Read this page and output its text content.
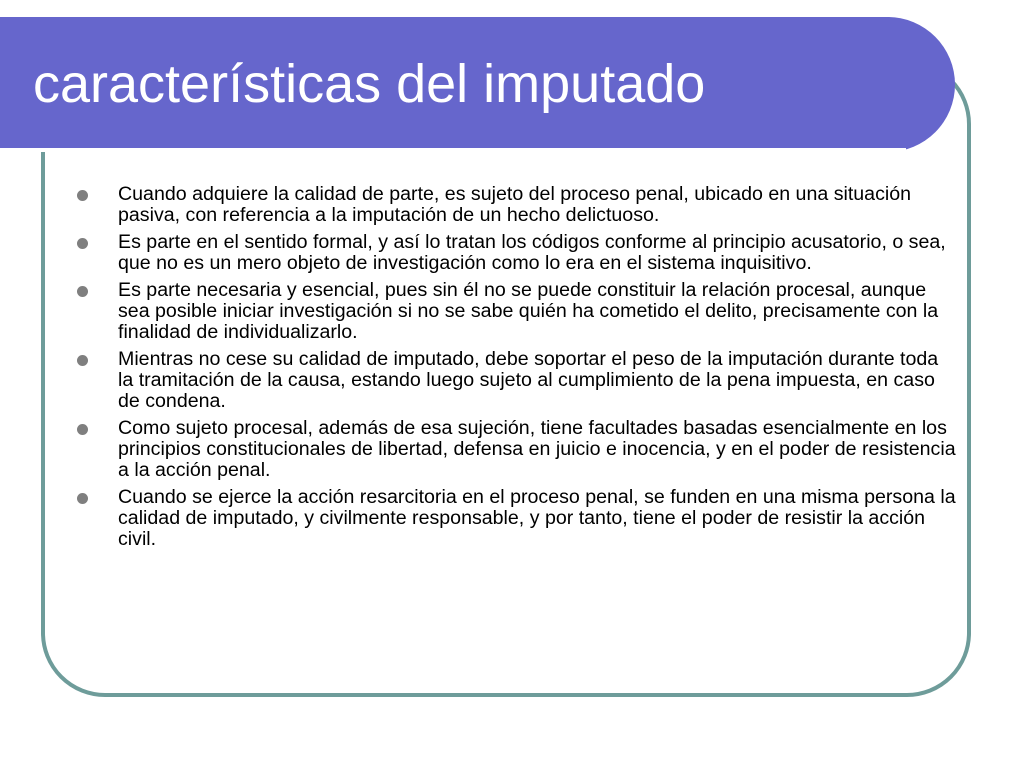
características del imputado
Cuando adquiere la calidad de parte, es sujeto del proceso penal, ubicado en una situación pasiva, con referencia a la imputación de un hecho delictuoso.
Es parte en el sentido formal, y así lo tratan los códigos conforme al principio acusatorio, o sea, que no es un mero objeto de investigación como lo era en el sistema inquisitivo.
Es parte necesaria y esencial, pues sin él no se puede constituir la relación procesal, aunque sea posible iniciar investigación si no se sabe quién ha cometido el delito, precisamente con la finalidad de individualizarlo.
Mientras no cese su calidad de imputado, debe soportar el peso de la imputación durante toda la tramitación de la causa, estando luego sujeto al cumplimiento de la pena impuesta, en caso de condena.
Como sujeto procesal, además de esa sujeción, tiene facultades basadas esencialmente en los principios constitucionales de libertad, defensa en juicio e inocencia, y en el poder de resistencia a la acción penal.
Cuando se ejerce la acción resarcitoria en el proceso penal, se funden en una misma persona la calidad de imputado, y civilmente responsable, y por tanto, tiene el poder de resistir la acción civil.
